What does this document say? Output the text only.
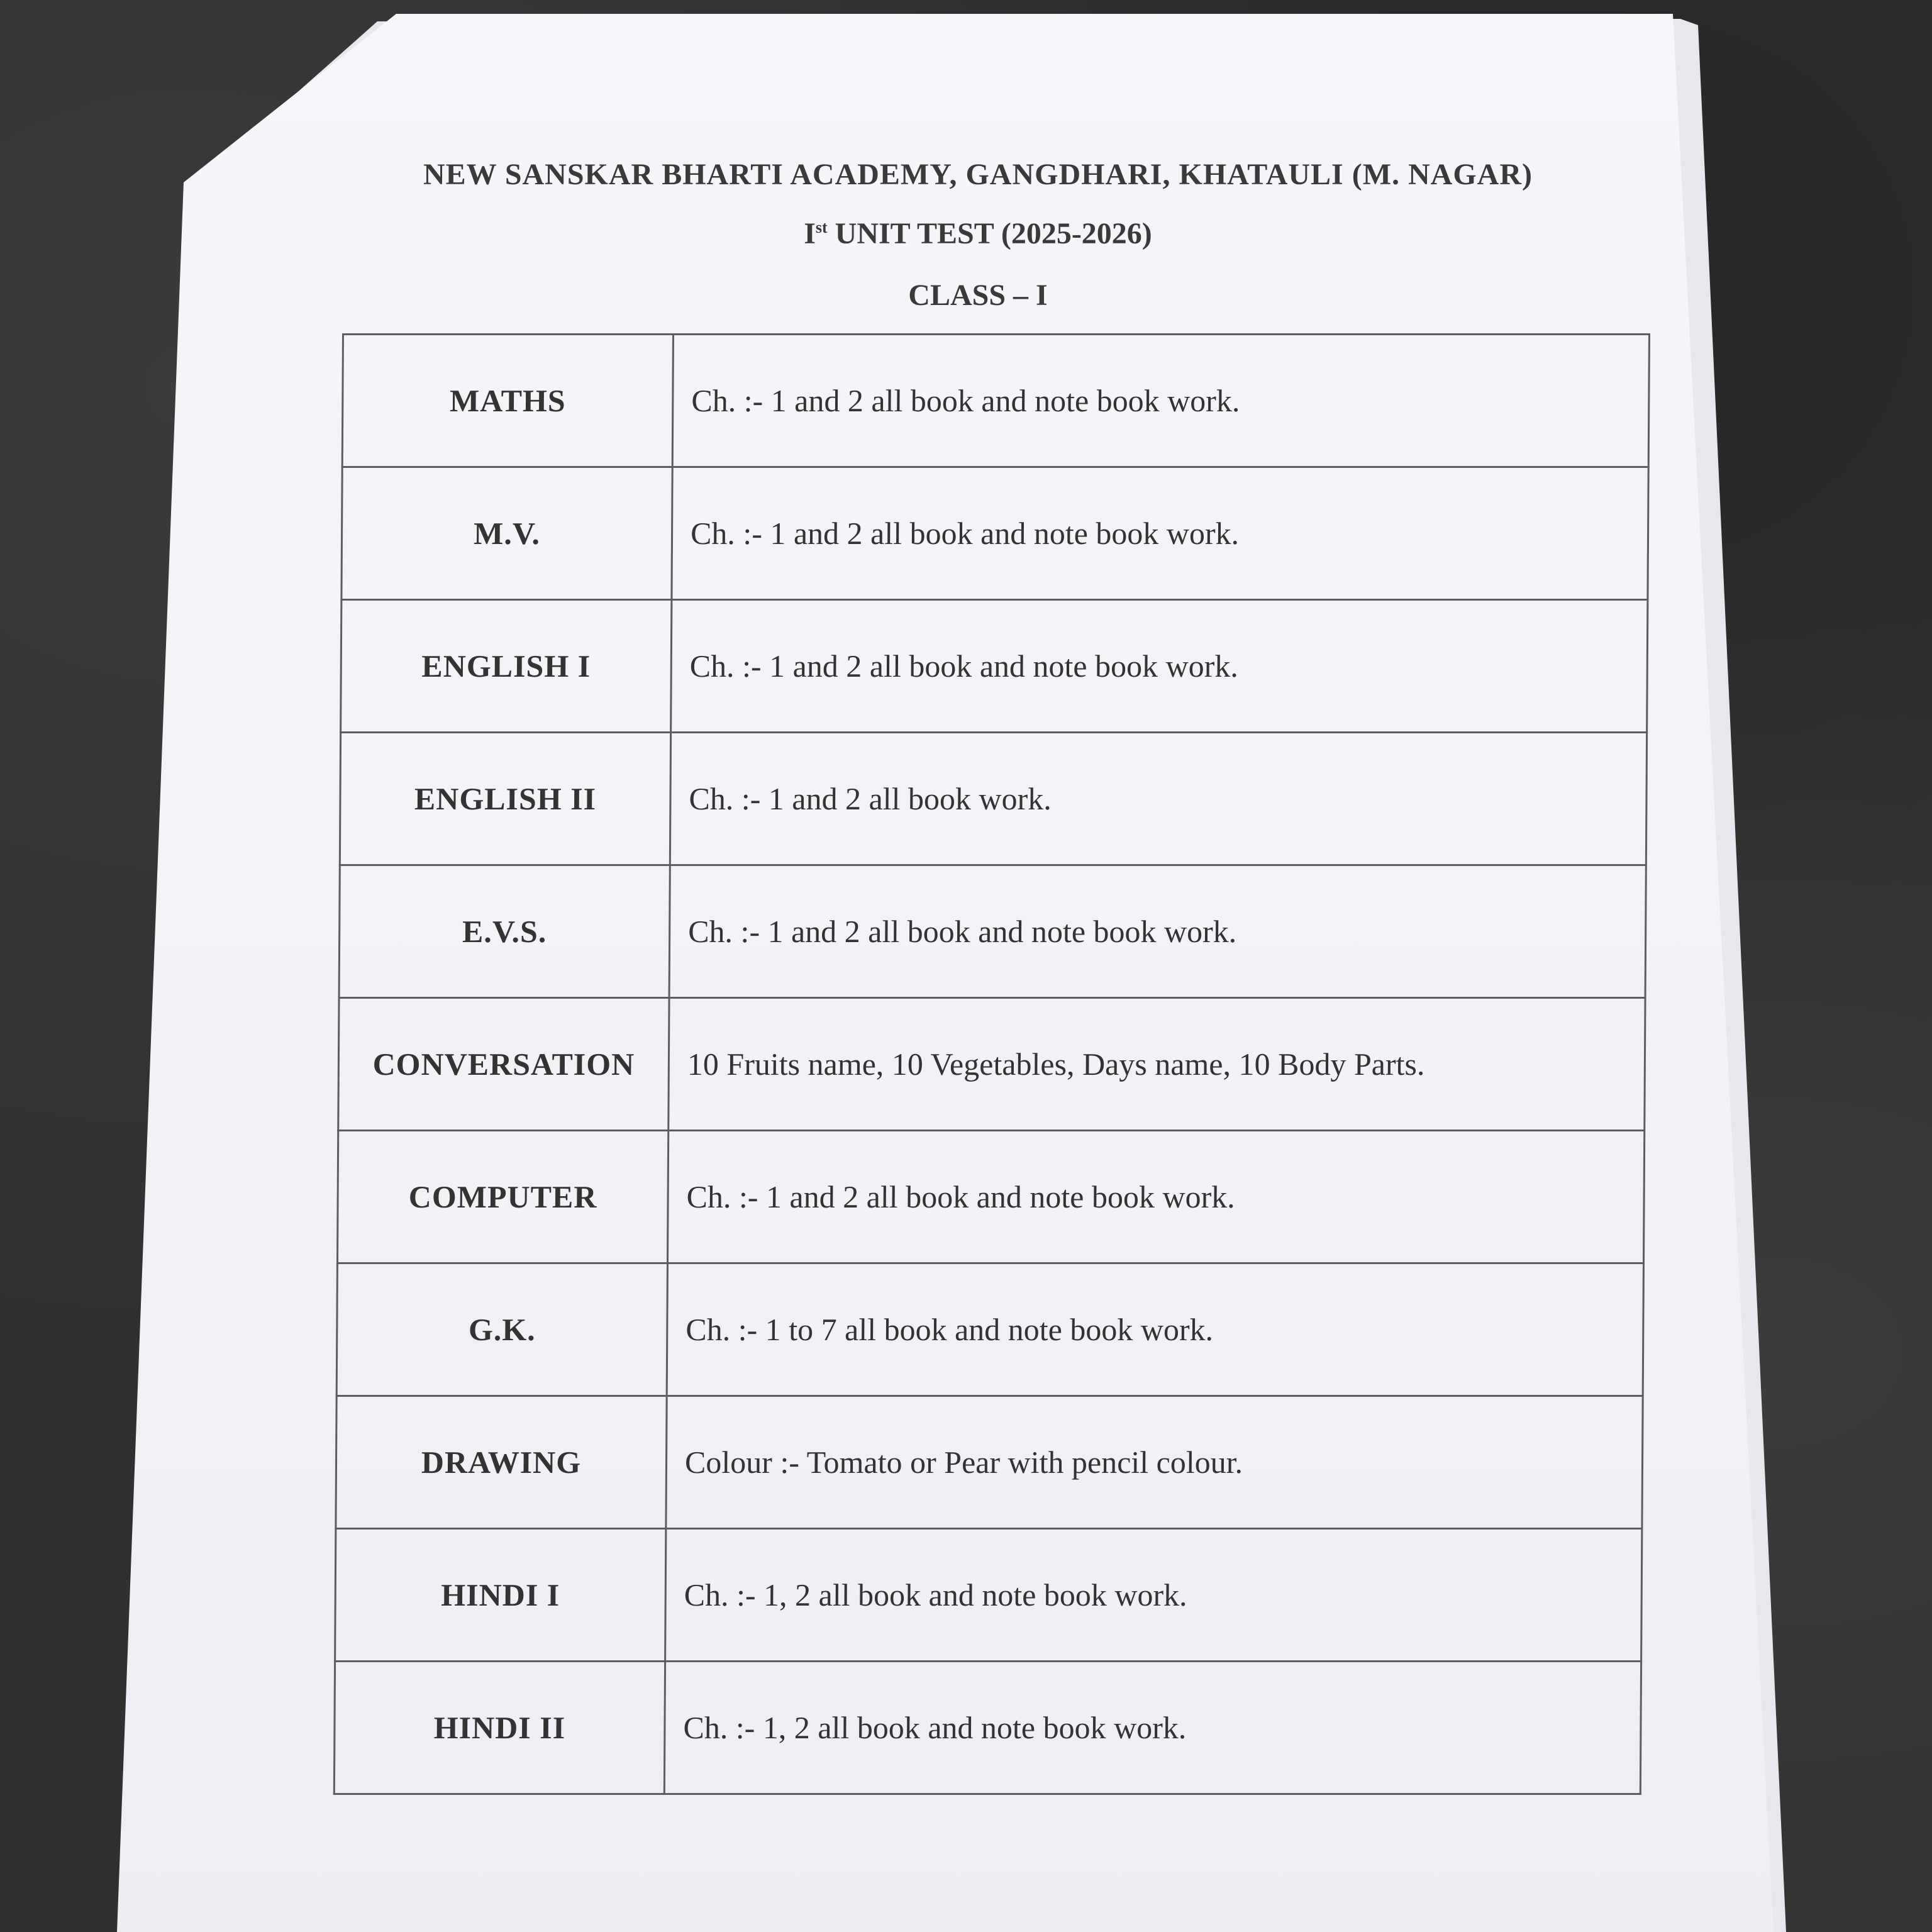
NEW SANSKAR BHARTI ACADEMY, GANGDHARI, KHATAULI (M. NAGAR)
Ist UNIT TEST (2025-2026)
CLASS – I
MATHS	Ch. :- 1 and 2 all book and note book work.
M.V.	Ch. :- 1 and 2 all book and note book work.
ENGLISH I	Ch. :- 1 and 2 all book and note book work.
ENGLISH II	Ch. :- 1 and 2 all book work.
E.V.S.	Ch. :- 1 and 2 all book and note book work.
CONVERSATION	10 Fruits name, 10 Vegetables, Days name, 10 Body Parts.
COMPUTER	Ch. :- 1 and 2 all book and note book work.
G.K.	Ch. :- 1 to 7 all book and note book work.
DRAWING	Colour :- Tomato or Pear with pencil colour.
HINDI I	Ch. :- 1, 2 all book and note book work.
HINDI II	Ch. :- 1, 2 all book and note book work.
